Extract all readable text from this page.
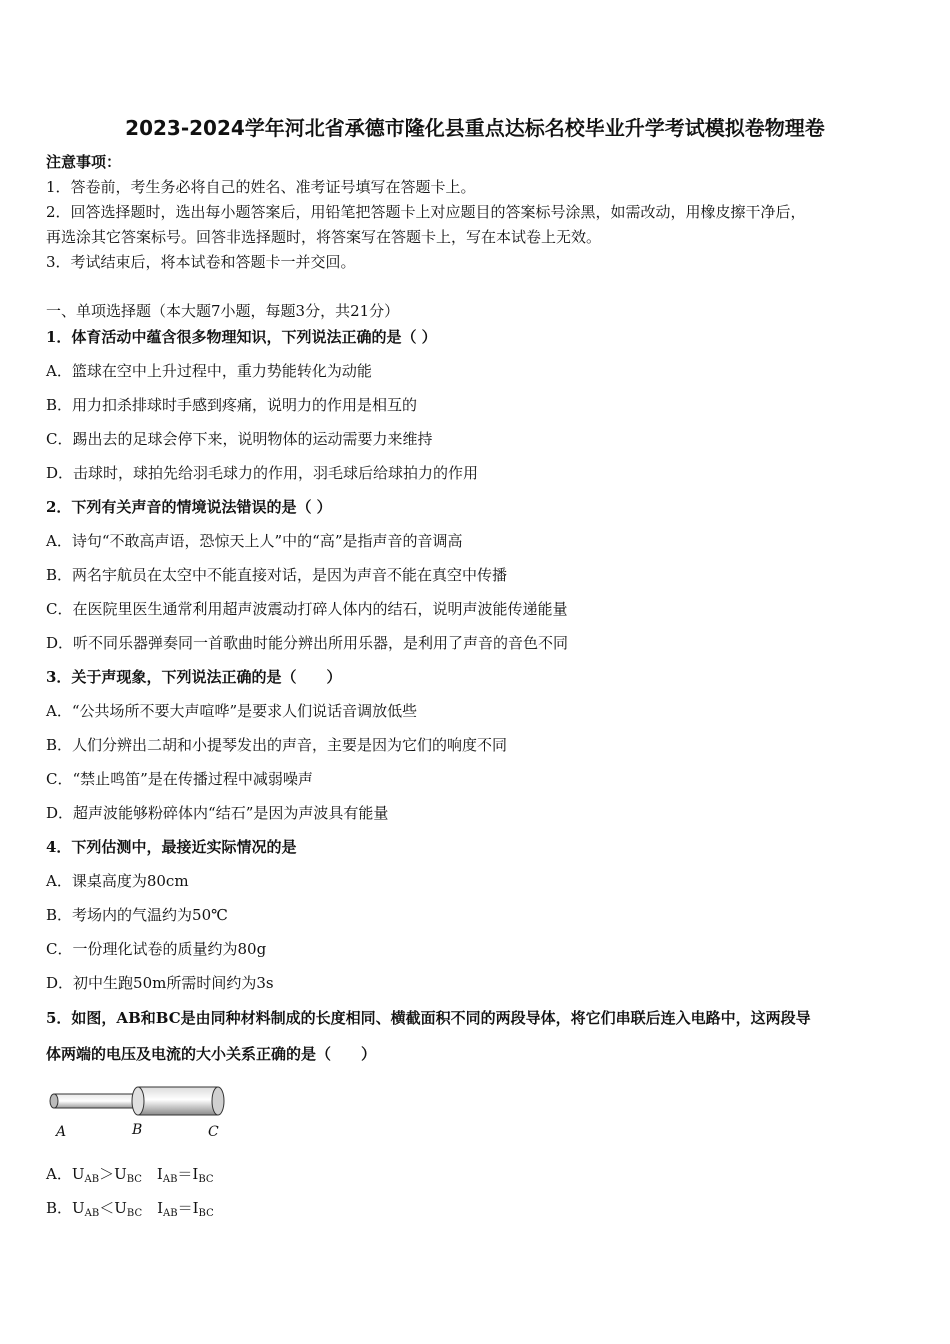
2023-2024学年河北省承德市隆化县重点达标名校毕业升学考试模拟卷物理卷
注意事项：
1．答卷前，考生务必将自己的姓名、准考证号填写在答题卡上。
2．回答选择题时，选出每小题答案后，用铅笔把答题卡上对应题目的答案标号涂黑，如需改动，用橡皮擦干净后，
再选涂其它答案标号。回答非选择题时，将答案写在答题卡上，写在本试卷上无效。
3．考试结束后，将本试卷和答题卡一并交回。
一、单项选择题（本大题7小题，每题3分，共21分）
1．体育活动中蕴含很多物理知识，下列说法正确的是（ ）
A．篮球在空中上升过程中，重力势能转化为动能
B．用力扣杀排球时手感到疼痛，说明力的作用是相互的
C．踢出去的足球会停下来，说明物体的运动需要力来维持
D．击球时，球拍先给羽毛球力的作用，羽毛球后给球拍力的作用
2．下列有关声音的情境说法错误的是（ ）
A．诗句“不敢高声语，恐惊天上人”中的“高”是指声音的音调高
B．两名宇航员在太空中不能直接对话，是因为声音不能在真空中传播
C．在医院里医生通常利用超声波震动打碎人体内的结石，说明声波能传递能量
D．听不同乐器弹奏同一首歌曲时能分辨出所用乐器，是利用了声音的音色不同
3．关于声现象，下列说法正确的是（　　）
A．“公共场所不要大声喧哗”是要求人们说话音调放低些
B．人们分辨出二胡和小提琴发出的声音，主要是因为它们的响度不同
C．“禁止鸣笛”是在传播过程中减弱噪声
D．超声波能够粉碎体内“结石”是因为声波具有能量
4．下列估测中，最接近实际情况的是
A．课桌高度为80cm
B．考场内的气温约为50℃
C．一份理化试卷的质量约为80g
D．初中生跑50m所需时间约为3s
5．如图，AB和BC是由同种材料制成的长度相同、横截面积不同的两段导体，将它们串联后连入电路中，这两段导
体两端的电压及电流的大小关系正确的是（　　）
A	B	C
A．$U_{AB}>U_{BC}$　$I_{AB}=I_{BC}$
B．$U_{AB}<U_{BC}$　$I_{AB}=I_{BC}$
